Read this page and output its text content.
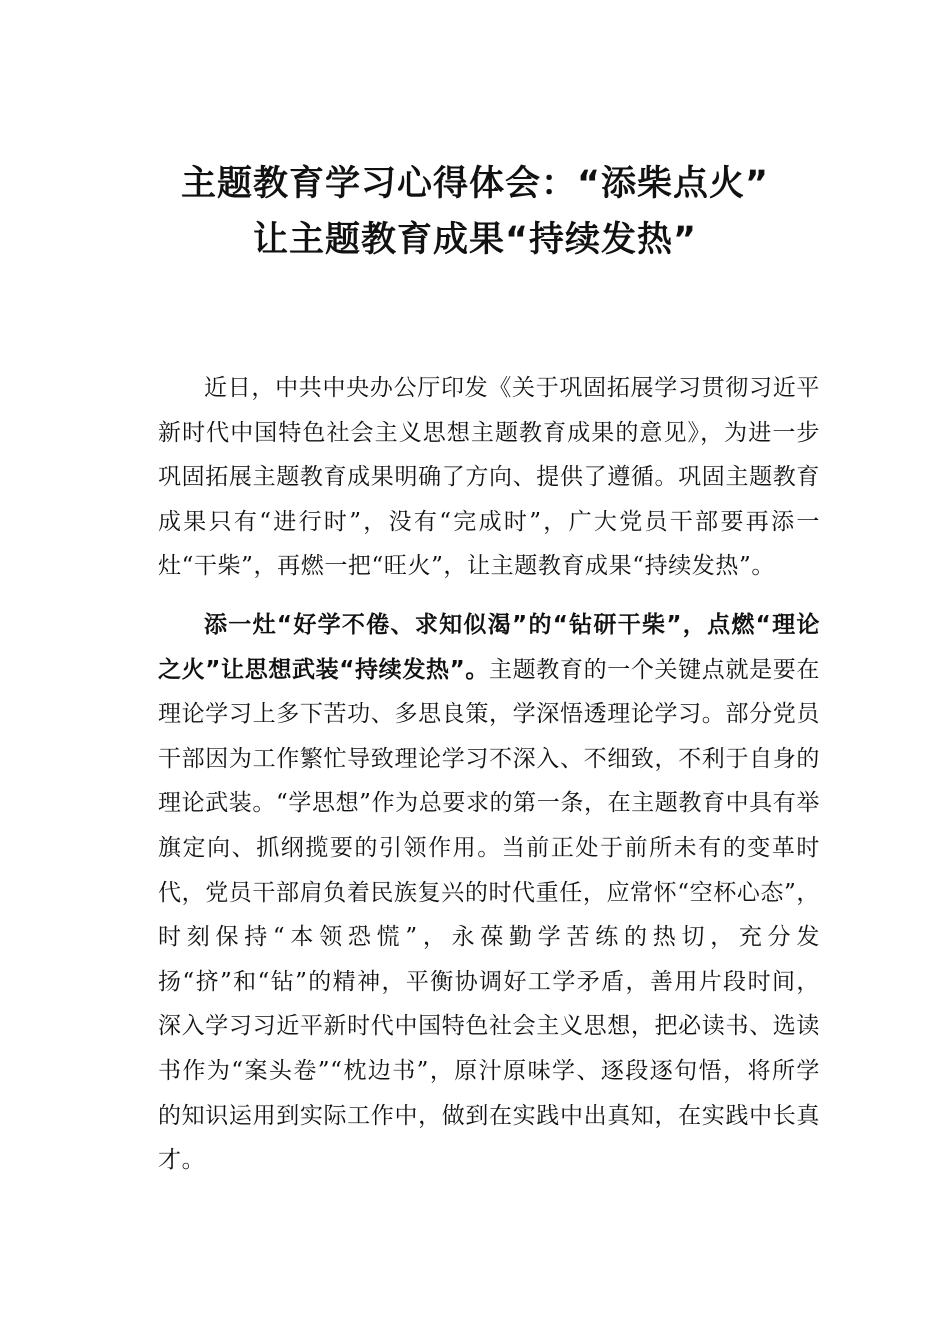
主题教育学习心得体会：“添柴点火”
让主题教育成果“持续发热”

近日，中共中央办公厅印发《关于巩固拓展学习贯彻习近平新时代中国特色社会主义思想主题教育成果的意见》，为进一步巩固拓展主题教育成果明确了方向、提供了遵循。巩固主题教育成果只有“进行时”，没有“完成时”，广大党员干部要再添一灶“干柴”，再燃一把“旺火”，让主题教育成果“持续发热”。

添一灶“好学不倦、求知似渴”的“钻研干柴”，点燃“理论之火”让思想武装“持续发热”。主题教育的一个关键点就是要在理论学习上多下苦功、多思良策，学深悟透理论学习。部分党员干部因为工作繁忙导致理论学习不深入、不细致，不利于自身的理论武装。“学思想”作为总要求的第一条，在主题教育中具有举旗定向、抓纲揽要的引领作用。当前正处于前所未有的变革时代，党员干部肩负着民族复兴的时代重任，应常怀“空杯心态”，时刻保持“本领恐慌”，永葆勤学苦练的热切，充分发扬“挤”和“钻”的精神，平衡协调好工学矛盾，善用片段时间，深入学习习近平新时代中国特色社会主义思想，把必读书、选读书作为“案头卷”“枕边书”，原汁原味学、逐段逐句悟，将所学的知识运用到实际工作中，做到在实践中出真知，在实践中长真才。
